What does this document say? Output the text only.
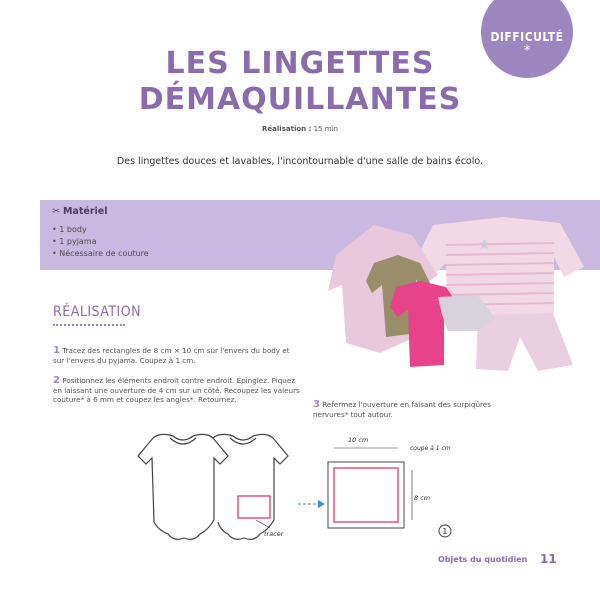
DIFFICULTÉ
*
LES LINGETTES
DÉMAQUILLANTES
Réalisation : 15 min
Des lingettes douces et lavables, l'incontournable d'une salle de bains écolo.
✂ Matériel
• 1 body
• 1 pyjama
• Nécessaire de couture
★
RÉALISATION
1 Tracez des rectangles de 8 cm × 10 cm sur l'envers du body et sur l'envers du pyjama. Coupez à 1 cm.
2 Positionnez les éléments endroit contre endroit. Épinglez. Piquez en laissant une ouverture de 4 cm sur un côté. Recoupez les valeurs couture* à 6 mm et coupez les angles*. Retournez.	3 Refermez l'ouverture en faisant des surpiqûres nervures* tout autour.
tracer
10 cm
coupe à 1 cm
8 cm
1
Objets du quotidien 11
